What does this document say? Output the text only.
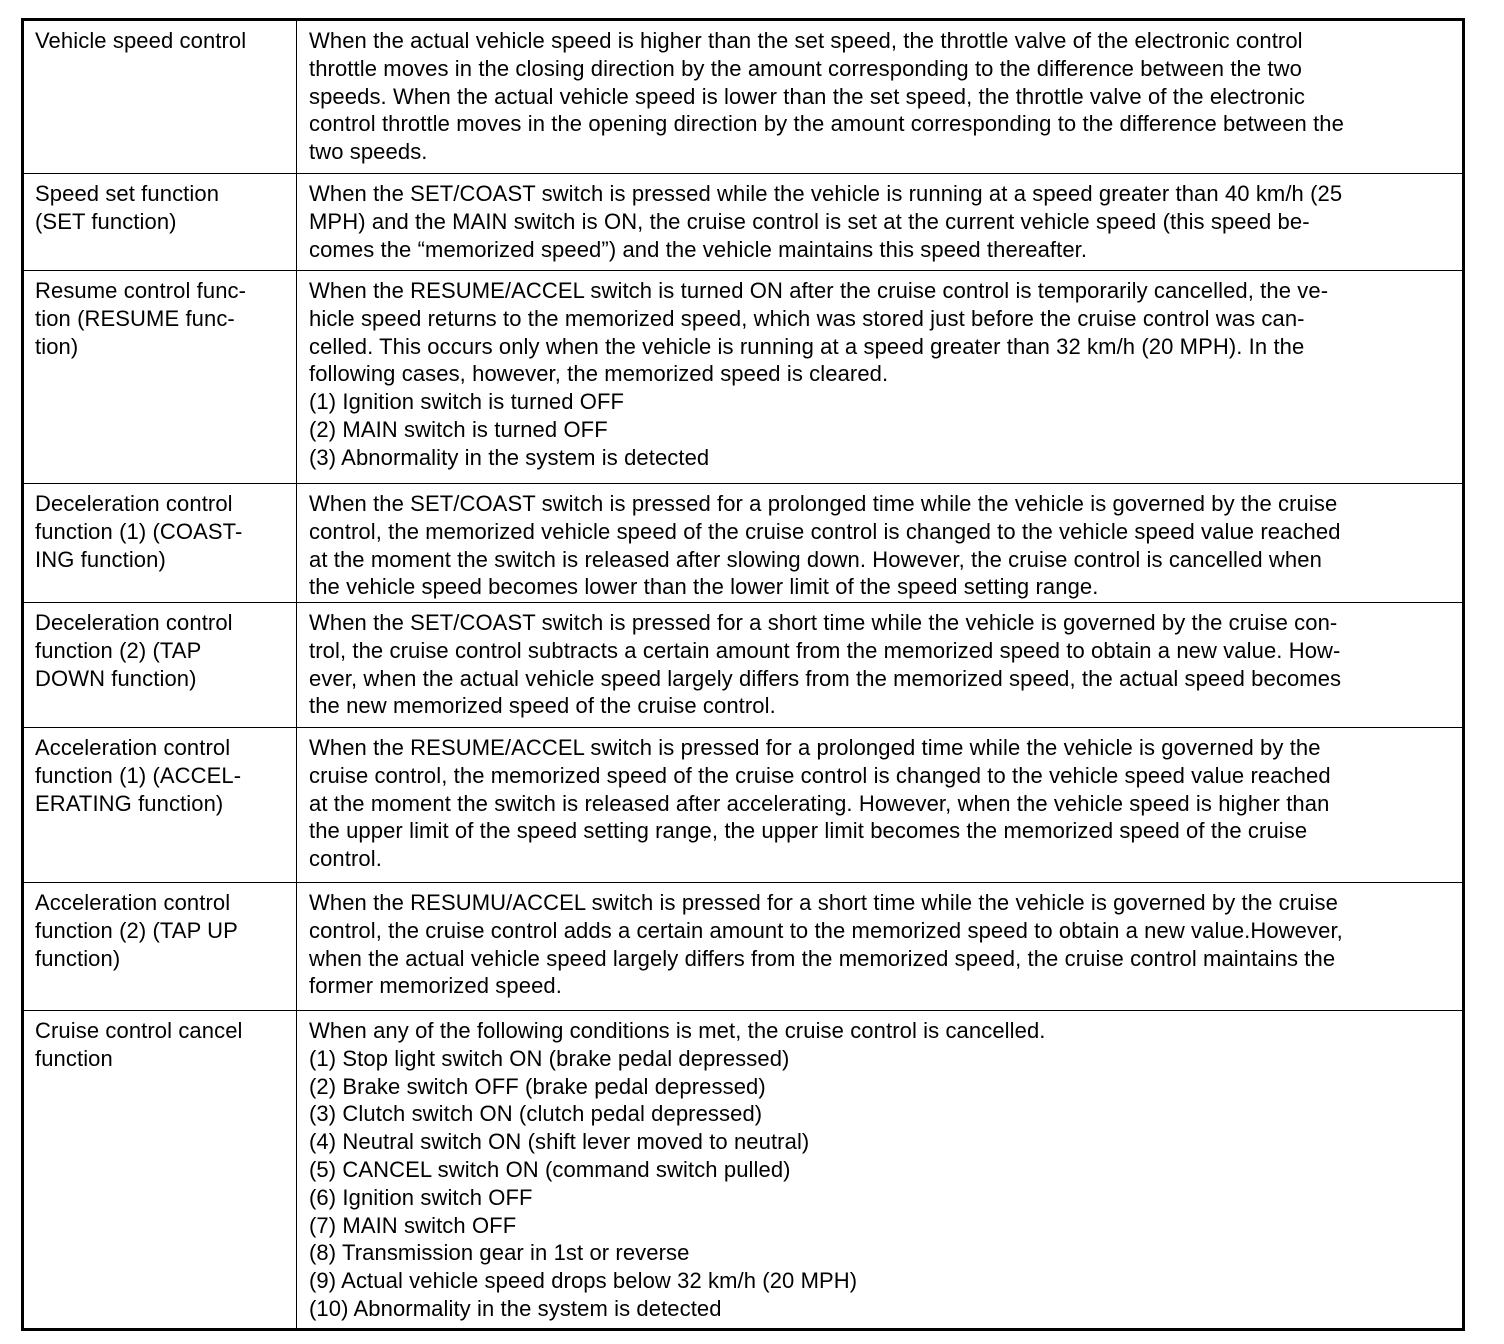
Vehicle speed control	When the actual vehicle speed is higher than the set speed, the throttle valve of the electronic control
throttle moves in the closing direction by the amount corresponding to the difference between the two
speeds. When the actual vehicle speed is lower than the set speed, the throttle valve of the electronic
control throttle moves in the opening direction by the amount corresponding to the difference between the
two speeds.
Speed set function
(SET function)
When the SET/COAST switch is pressed while the vehicle is running at a speed greater than 40 km/h (25
MPH) and the MAIN switch is ON, the cruise control is set at the current vehicle speed (this speed be-
comes the “memorized speed”) and the vehicle maintains this speed thereafter.
Resume control func-
tion (RESUME func-
tion)
When the RESUME/ACCEL switch is turned ON after the cruise control is temporarily cancelled, the ve-
hicle speed returns to the memorized speed, which was stored just before the cruise control was can-
celled. This occurs only when the vehicle is running at a speed greater than 32 km/h (20 MPH). In the
following cases, however, the memorized speed is cleared.
(1) Ignition switch is turned OFF
(2) MAIN switch is turned OFF
(3) Abnormality in the system is detected
Deceleration control
function (1) (COAST-
ING function)
When the SET/COAST switch is pressed for a prolonged time while the vehicle is governed by the cruise
control, the memorized vehicle speed of the cruise control is changed to the vehicle speed value reached
at the moment the switch is released after slowing down. However, the cruise control is cancelled when
the vehicle speed becomes lower than the lower limit of the speed setting range.
Deceleration control
function (2) (TAP
DOWN function)
When the SET/COAST switch is pressed for a short time while the vehicle is governed by the cruise con-
trol, the cruise control subtracts a certain amount from the memorized speed to obtain a new value. How-
ever, when the actual vehicle speed largely differs from the memorized speed, the actual speed becomes
the new memorized speed of the cruise control.
Acceleration control
function (1) (ACCEL-
ERATING function)
When the RESUME/ACCEL switch is pressed for a prolonged time while the vehicle is governed by the
cruise control, the memorized speed of the cruise control is changed to the vehicle speed value reached
at the moment the switch is released after accelerating. However, when the vehicle speed is higher than
the upper limit of the speed setting range, the upper limit becomes the memorized speed of the cruise
control.
Acceleration control
function (2) (TAP UP
function)
When the RESUMU/ACCEL switch is pressed for a short time while the vehicle is governed by the cruise
control, the cruise control adds a certain amount to the memorized speed to obtain a new value.However,
when the actual vehicle speed largely differs from the memorized speed, the cruise control maintains the
former memorized speed.
Cruise control cancel
function
When any of the following conditions is met, the cruise control is cancelled.
(1) Stop light switch ON (brake pedal depressed)
(2) Brake switch OFF (brake pedal depressed)
(3) Clutch switch ON (clutch pedal depressed)
(4) Neutral switch ON (shift lever moved to neutral)
(5) CANCEL switch ON (command switch pulled)
(6) Ignition switch OFF
(7) MAIN switch OFF
(8) Transmission gear in 1st or reverse
(9) Actual vehicle speed drops below 32 km/h (20 MPH)
(10) Abnormality in the system is detected
